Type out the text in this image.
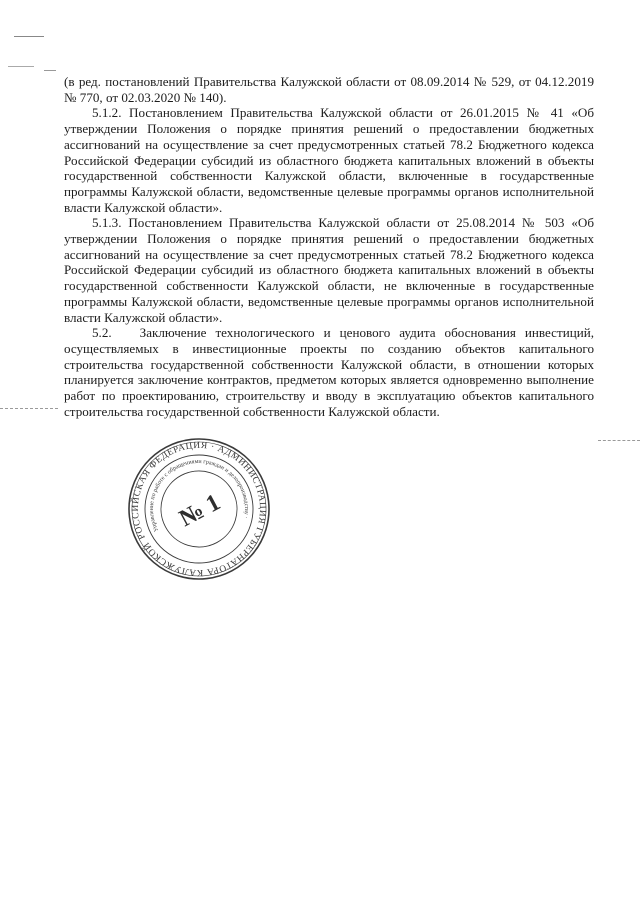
(в ред. постановлений Правительства Калужской области от 08.09.2014 № 529, от 04.12.2019 № 770, от 02.03.2020 № 140).

5.1.2. Постановлением Правительства Калужской области от 26.01.2015 № 41 «Об утверждении Положения о порядке принятия решений о предоставлении бюджетных ассигнований на осуществление за счет предусмотренных статьей 78.2 Бюджетного кодекса Российской Федерации субсидий из областного бюджета капитальных вложений в объекты государственной собственности Калужской области, включенные в государственные программы Калужской области, ведомственные целевые программы органов исполнительной власти Калужской области».

5.1.3. Постановлением Правительства Калужской области от 25.08.2014 № 503 «Об утверждении Положения о порядке принятия решений о предоставлении бюджетных ассигнований на осуществление за счет предусмотренных статьей 78.2 Бюджетного кодекса Российской Федерации субсидий из областного бюджета капитальных вложений в объекты государственной собственности Калужской области, не включенные в государственные программы Калужской области, ведомственные целевые программы органов исполнительной власти Калужской области».

5.2. Заключение технологического и ценового аудита обоснования инвестиций, осуществляемых в инвестиционные проекты по созданию объектов капитального строительства государственной собственности Калужской области, в отношении которых планируется заключение контрактов, предметом которых является одновременно выполнение работ по проектированию, строительству и вводу в эксплуатацию объектов капитального строительства государственной собственности Калужской области.

РОССИЙСКАЯ ФЕДЕРАЦИЯ · АДМИНИСТРАЦИЯ ГУБЕРНАТОРА КАЛУЖСКОЙ
Управление по работе с обращениями граждан и делопроизводству ·
№ 1
